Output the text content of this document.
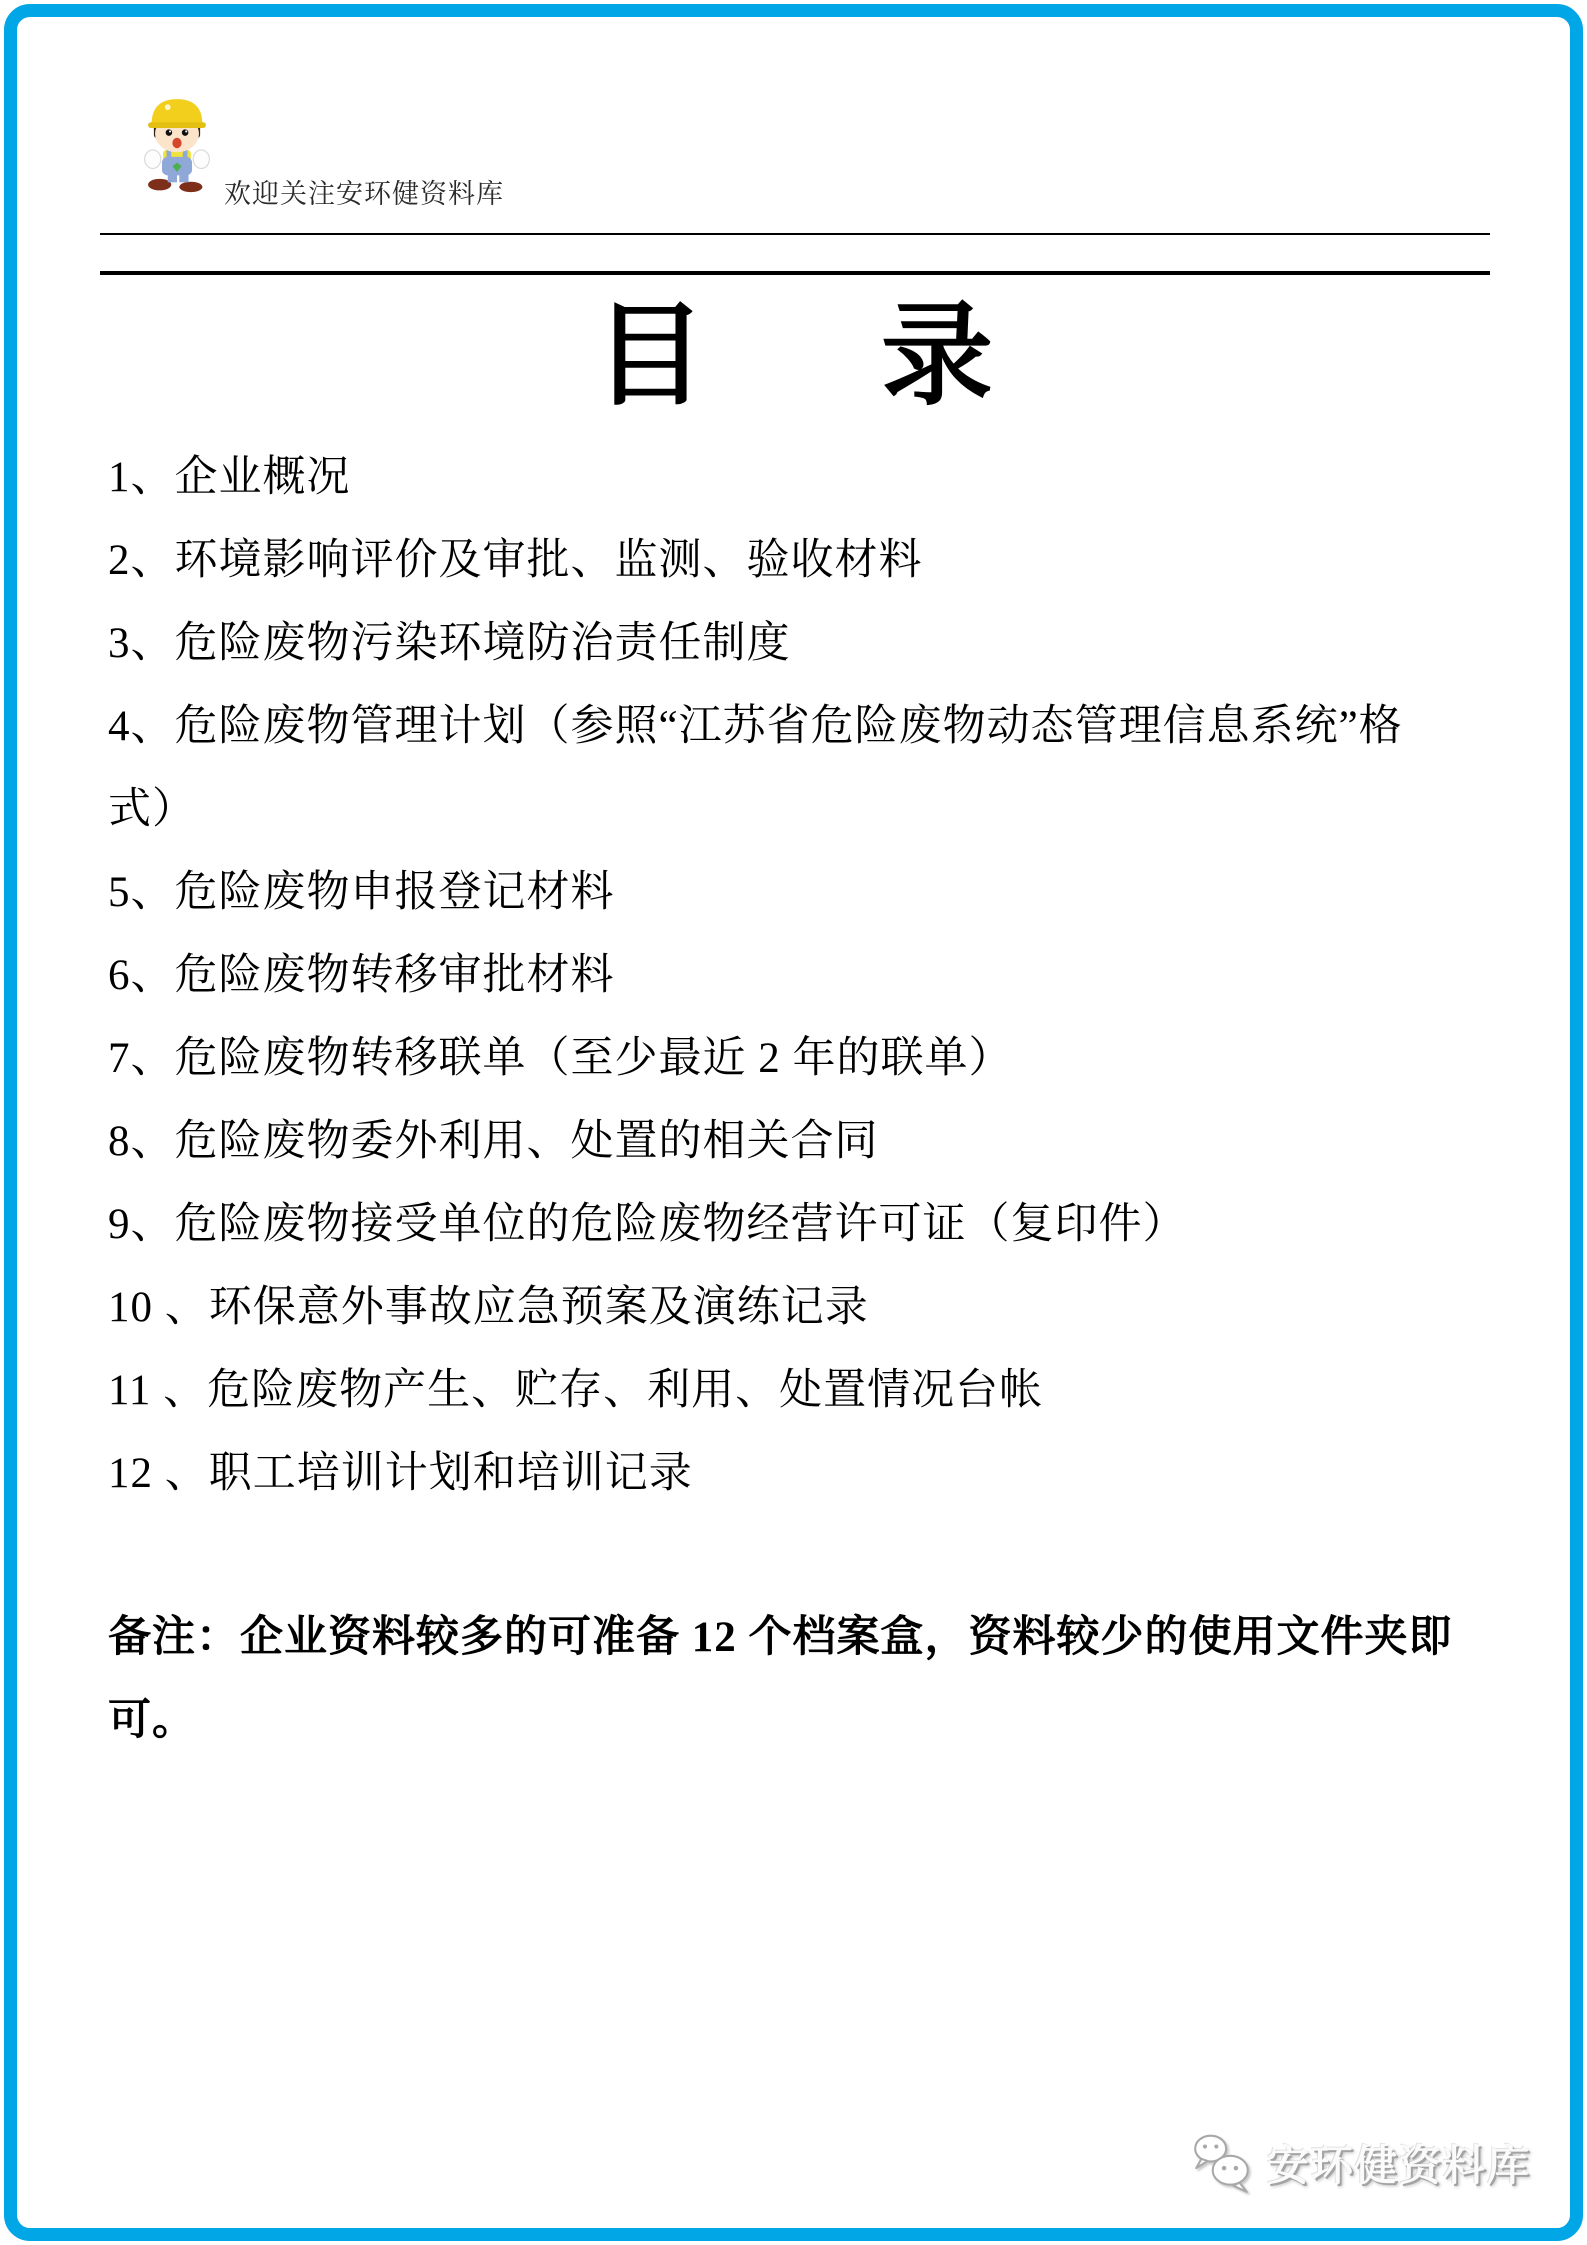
欢迎关注安环健资料库
目 录
1、企业概况
2、环境影响评价及审批、监测、验收材料
3、危险废物污染环境防治责任制度
4、危险废物管理计划（参照“江苏省危险废物动态管理信息系统”格
式）
5、危险废物申报登记材料
6、危险废物转移审批材料
7、危险废物转移联单（至少最近 2 年的联单）
8、危险废物委外利用、处置的相关合同
9、危险废物接受单位的危险废物经营许可证（复印件）
10 、环保意外事故应急预案及演练记录
11 、危险废物产生、贮存、利用、处置情况台帐
12 、职工培训计划和培训记录
备注：企业资料较多的可准备 12 个档案盒，资料较少的使用文件夹即
可。
安环健资料库
